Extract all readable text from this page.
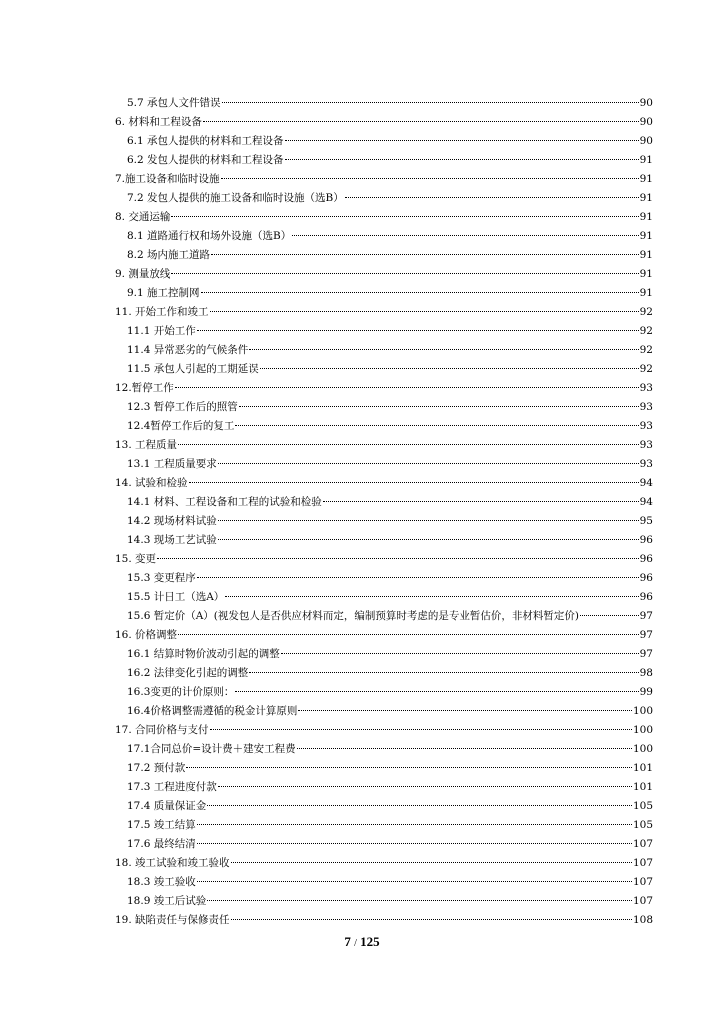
5.7 承包人文件错误	90
6. 材料和工程设备	90
6.1 承包人提供的材料和工程设备	90
6.2 发包人提供的材料和工程设备	91
7.施工设备和临时设施	91
7.2 发包人提供的施工设备和临时设施（选B）	91
8. 交通运输	91
8.1 道路通行权和场外设施（选B）	91
8.2 场内施工道路	91
9. 测量放线	91
9.1 施工控制网	91
11. 开始工作和竣工	92
11.1 开始工作	92
11.4 异常恶劣的气候条件	92
11.5 承包人引起的工期延误	92
12.暂停工作	93
12.3 暂停工作后的照管	93
12.4暂停工作后的复工	93
13. 工程质量	93
13.1 工程质量要求	93
14. 试验和检验	94
14.1 材料、工程设备和工程的试验和检验	94
14.2 现场材料试验	95
14.3 现场工艺试验	96
15. 变更	96
15.3 变更程序	96
15.5 计日工（选A）	96
15.6 暂定价（A）(视发包人是否供应材料而定，编制预算时考虑的是专业暂估价，非材料暂定价)	97
16. 价格调整	97
16.1 结算时物价波动引起的调整	97
16.2 法律变化引起的调整	98
16.3变更的计价原则：	99
16.4价格调整需遵循的税金计算原则	100
17. 合同价格与支付	100
17.1合同总价=设计费＋建安工程费	100
17.2 预付款	101
17.3 工程进度付款	101
17.4 质量保证金	105
17.5 竣工结算	105
17.6 最终结清	107
18. 竣工试验和竣工验收	107
18.3 竣工验收	107
18.9 竣工后试验	107
19. 缺陷责任与保修责任	108
7 / 125
